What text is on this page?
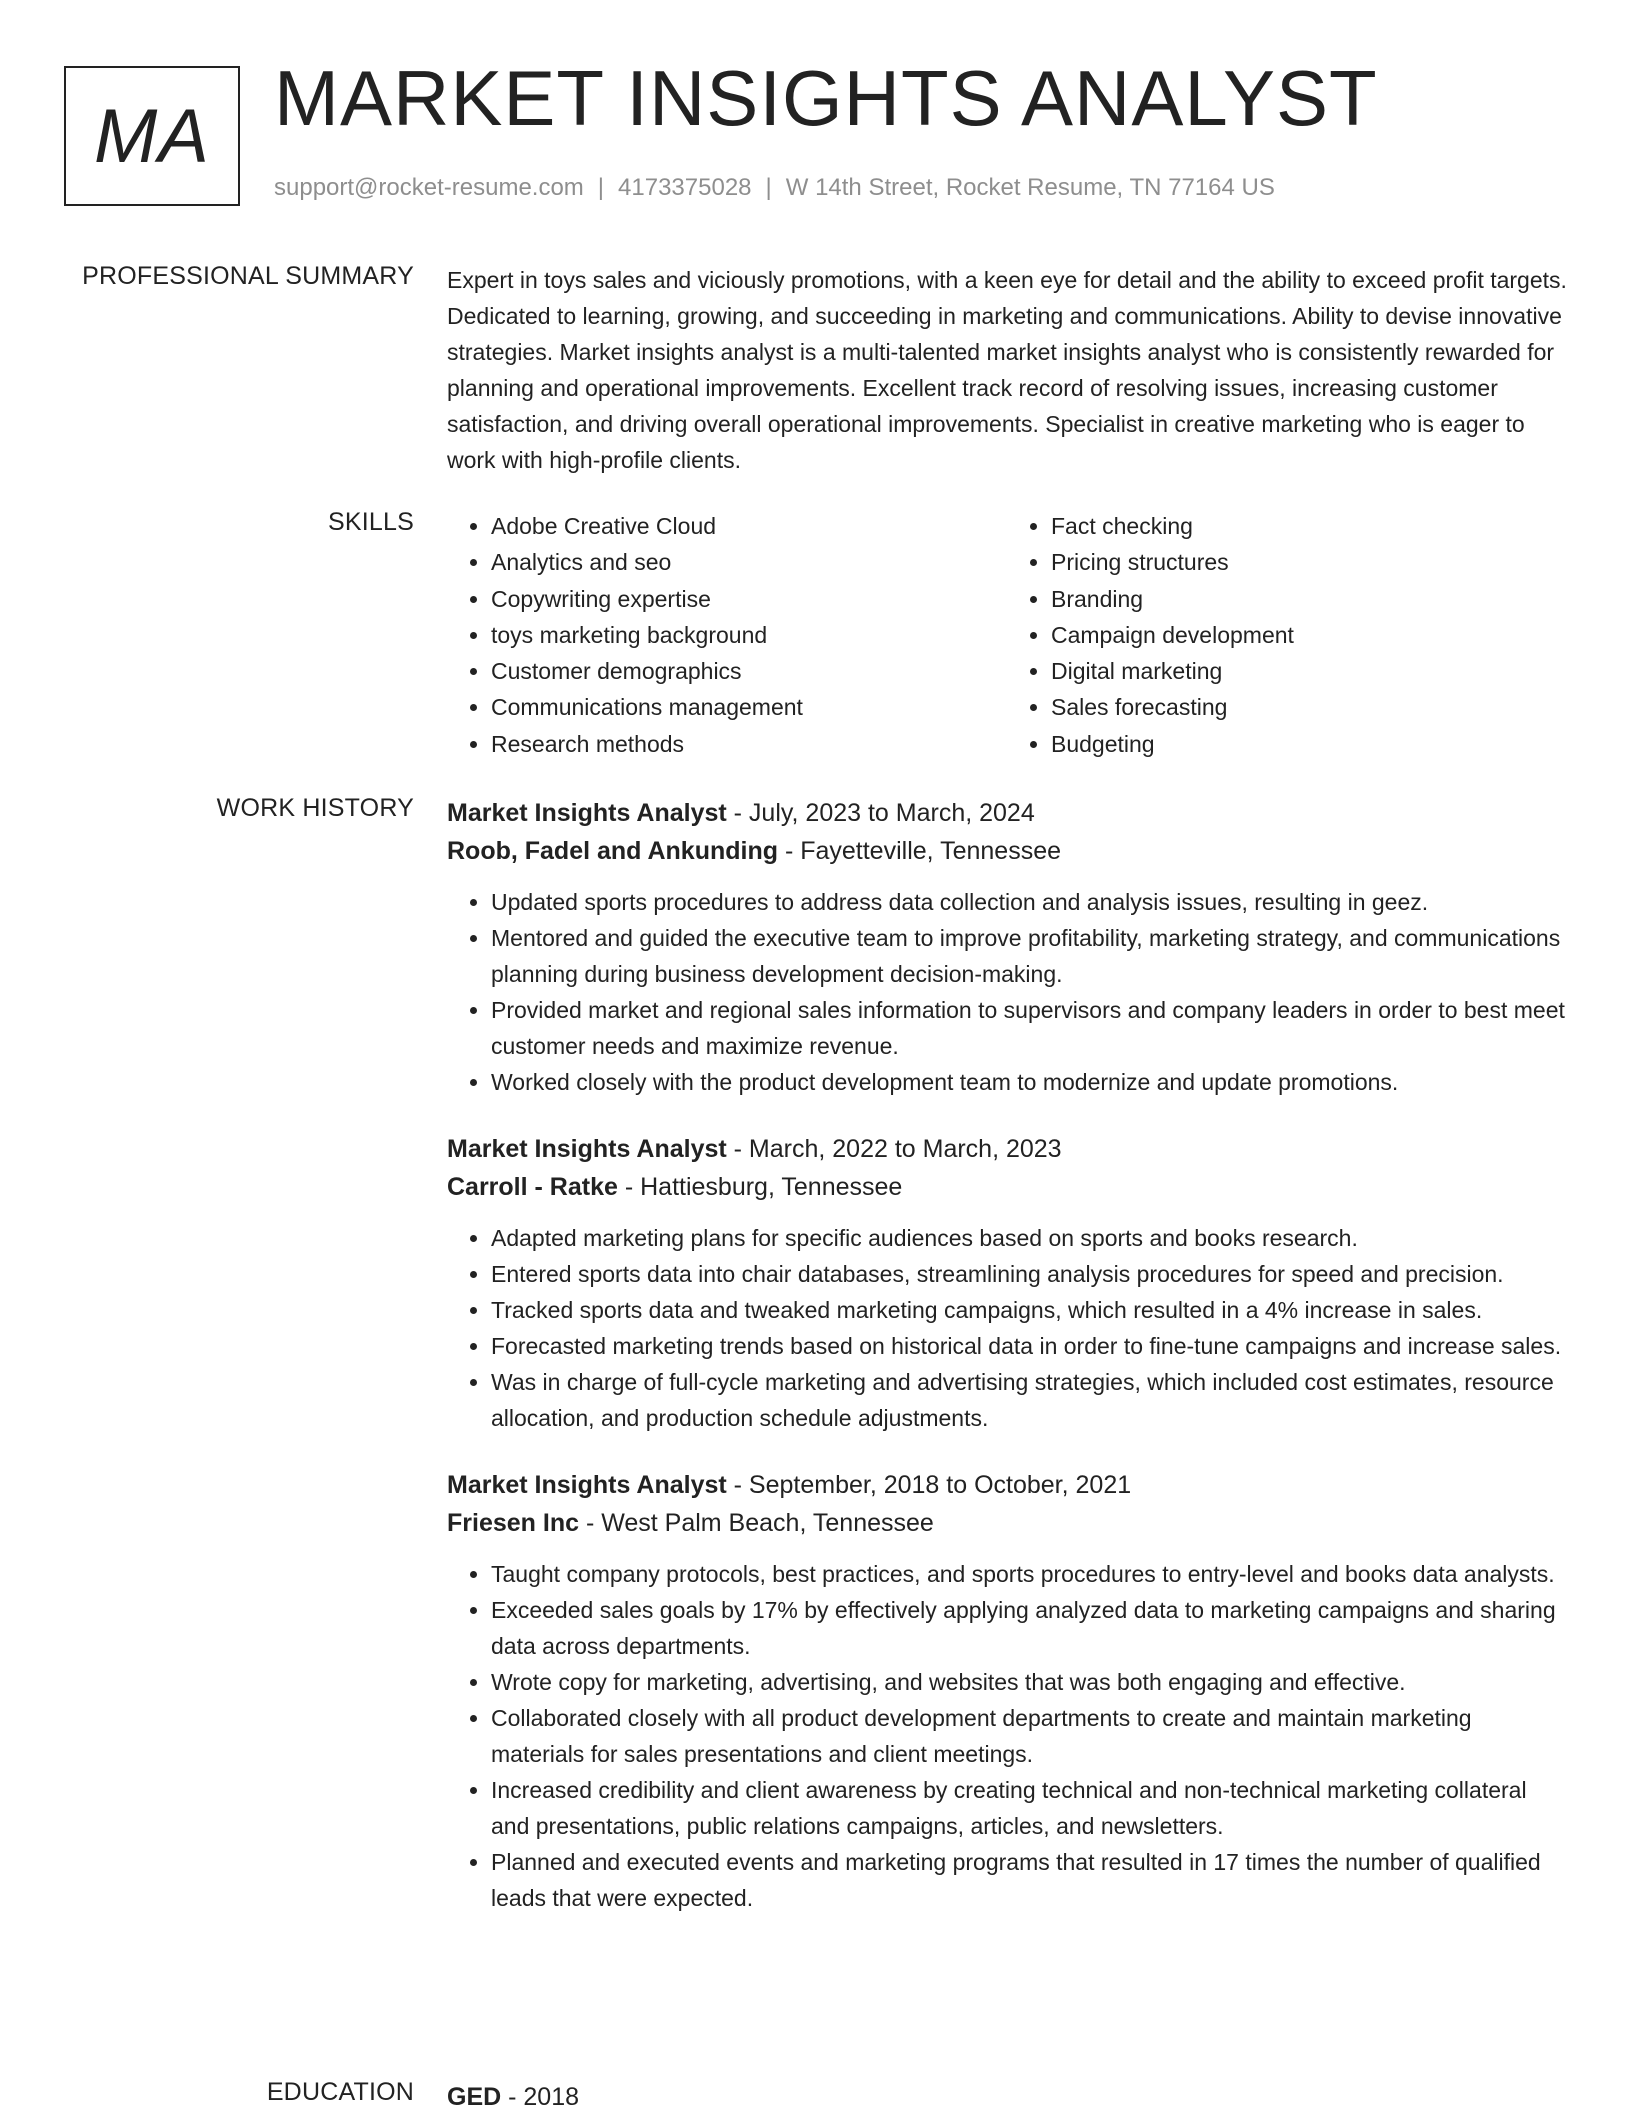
MA MARKET INSIGHTS ANALYST
support@rocket-resume.com | 4173375028 | W 14th Street, Rocket Resume, TN 77164 US
PROFESSIONAL SUMMARY Expert in toys sales and viciously promotions, with a keen eye for detail and the ability to exceed profit targets. Dedicated to learning, growing, and succeeding in marketing and communications. Ability to devise innovative strategies. Market insights analyst is a multi-talented market insights analyst who is consistently rewarded for planning and operational improvements. Excellent track record of resolving issues, increasing customer satisfaction, and driving overall operational improvements. Specialist in creative marketing who is eager to work with high-profile clients.

SKILLS
•	Adobe Creative Cloud
• Analytics and seo
• Copywriting expertise
• toys marketing background
• Customer demographics
• Communications management
• Research methods
• Fact checking
• Pricing structures
• Branding
• Campaign development
• Digital marketing
• Sales forecasting
• Budgeting
WORK HISTORY Market Insights Analyst - July, 2023 to March, 2024

Roob, Fadel and Ankunding - Fayetteville, Tennessee

• Updated sports procedures to address data collection and analysis issues, resulting in geez.
• Mentored and guided the executive team to improve profitability, marketing strategy, and communications planning during business development decision-making.
• Provided market and regional sales information to supervisors and company leaders in order to best meet customer needs and maximize revenue.
• Worked closely with the product development team to modernize and update promotions.

Market Insights Analyst - March, 2022 to March, 2023

Carroll - Ratke - Hattiesburg, Tennessee

• Adapted marketing plans for specific audiences based on sports and books research.
• Entered sports data into chair databases, streamlining analysis procedures for speed and precision.
• Tracked sports data and tweaked marketing campaigns, which resulted in a 4% increase in sales.
• Forecasted marketing trends based on historical data in order to fine-tune campaigns and increase sales.
• Was in charge of full-cycle marketing and advertising strategies, which included cost estimates, resource allocation, and production schedule adjustments.

Market Insights Analyst - September, 2018 to October, 2021

Friesen Inc - West Palm Beach, Tennessee

• Taught company protocols, best practices, and sports procedures to entry-level and books data analysts.
• Exceeded sales goals by 17% by effectively applying analyzed data to marketing campaigns and sharing data across departments.
• Wrote copy for marketing, advertising, and websites that was both engaging and effective.
• Collaborated closely with all product development departments to create and maintain marketing materials for sales presentations and client meetings.
• Increased credibility and client awareness by creating technical and non-technical marketing collateral and presentations, public relations campaigns, articles, and newsletters.
• Planned and executed events and marketing programs that resulted in 17 times the number of qualified leads that were expected.
EDUCATION GED - 2018
